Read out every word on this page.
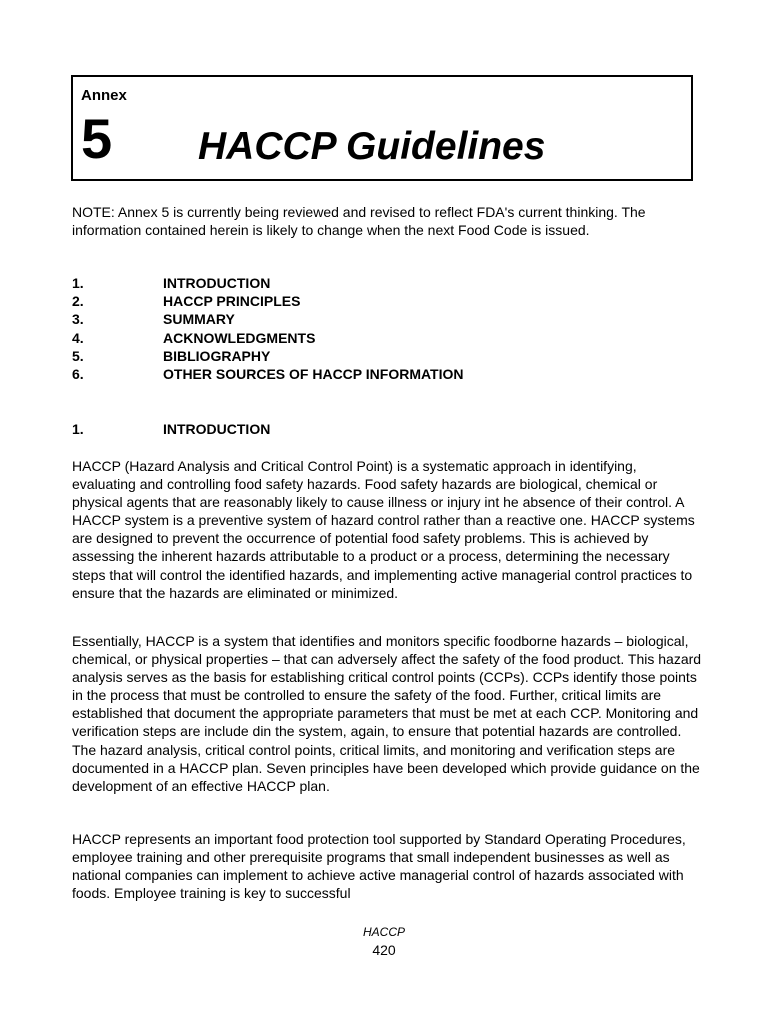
Annex
5 HACCP Guidelines
NOTE: Annex 5 is currently being reviewed and revised to reflect FDA's current thinking. The information contained herein is likely to change when the next Food Code is issued.
1.	INTRODUCTION
2.	HACCP PRINCIPLES
3.	SUMMARY
4.	ACKNOWLEDGMENTS
5.	BIBLIOGRAPHY
6.	OTHER SOURCES OF HACCP INFORMATION
1.	INTRODUCTION

HACCP (Hazard Analysis and Critical Control Point) is a systematic approach in identifying, evaluating and controlling food safety hazards. Food safety hazards are biological, chemical or physical agents that are reasonably likely to cause illness or injury int he absence of their control. A HACCP system is a preventive system of hazard control rather than a reactive one. HACCP systems are designed to prevent the occurrence of potential food safety problems. This is achieved by assessing the inherent hazards attributable to a product or a process, determining the necessary steps that will control the identified hazards, and implementing active managerial control practices to ensure that the hazards are eliminated or minimized.

Essentially, HACCP is a system that identifies and monitors specific foodborne hazards – biological, chemical, or physical properties – that can adversely affect the safety of the food product. This hazard analysis serves as the basis for establishing critical control points (CCPs). CCPs identify those points in the process that must be controlled to ensure the safety of the food. Further, critical limits are established that document the appropriate parameters that must be met at each CCP. Monitoring and verification steps are include din the system, again, to ensure that potential hazards are controlled. The hazard analysis, critical control points, critical limits, and monitoring and verification steps are documented in a HACCP plan. Seven principles have been developed which provide guidance on the development of an effective HACCP plan.

HACCP represents an important food protection tool supported by Standard Operating Procedures, employee training and other prerequisite programs that small independent businesses as well as national companies can implement to achieve active managerial control of hazards associated with foods. Employee training is key to successful

HACCP
420
